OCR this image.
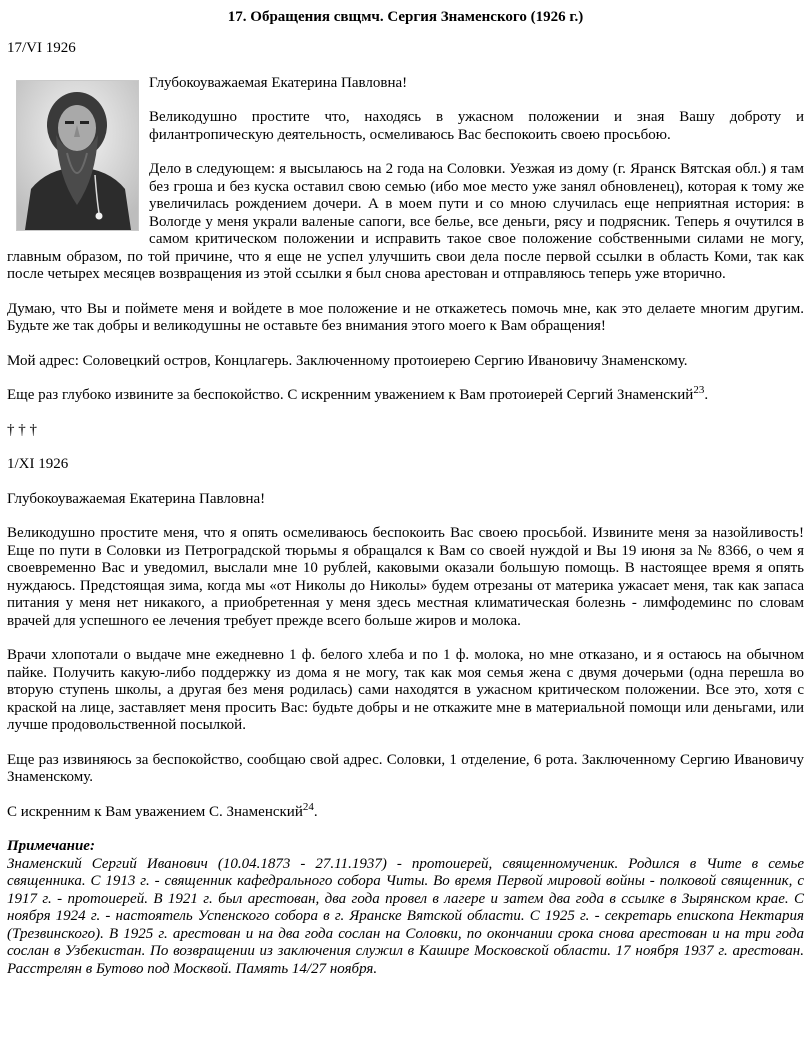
17. Обращения свщмч. Сергия Знаменского (1926 г.)

17/VI 1926

Глубокоуважаемая Екатерина Павловна!

Великодушно простите что, находясь в ужасном положении и зная Вашу доброту и филантропическую деятельность, осмеливаюсь Вас беспокоить своею просьбою.

Дело в следующем: я высылаюсь на 2 года на Соловки. Уезжая из дому (г. Яранск Вятская обл.) я там без гроша и без куска оставил свою семью (ибо мое место уже занял обновленец), которая к тому же увеличилась рождением дочери. А в моем пути и со мною случилась еще неприятная история: в Вологде у меня украли валеные сапоги, все белье, все деньги, рясу и подрясник. Теперь я очутился в самом критическом положении и исправить такое свое положение собственными силами не могу, главным образом, по той причине, что я еще не успел улучшить свои дела после первой ссылки в область Коми, так как после четырех месяцев возвращения из этой ссылки я был снова арестован и отправляюсь теперь уже вторично.

Думаю, что Вы и поймете меня и войдете в мое положение и не откажетесь помочь мне, как это делаете многим другим. Будьте же так добры и великодушны не оставьте без внимания этого моего к Вам обращения!

Мой адрес: Соловецкий остров, Концлагерь. Заключенному протоиерею Сергию Ивановичу Знаменскому.

Еще раз глубоко извините за беспокойство. С искренним уважением к Вам протоиерей Сергий Знаменский$^{23}$.

† † †

1/XI 1926

Глубокоуважаемая Екатерина Павловна!

Великодушно простите меня, что я опять осмеливаюсь беспокоить Вас своею просьбой. Извините меня за назойливость! Еще по пути в Соловки из Петроградской тюрьмы я обращался к Вам со своей нуждой и Вы 19 июня за № 8366, о чем я своевременно Вас и уведомил, выслали мне 10 рублей, каковыми оказали большую помощь. В настоящее время я опять нуждаюсь. Предстоящая зима, когда мы «от Николы до Николы» будем отрезаны от материка ужасает меня, так как запаса питания у меня нет никакого, а приобретенная у меня здесь местная климатическая болезнь - лимфодеминс по словам врачей для успешного ее лечения требует прежде всего больше жиров и молока.

Врачи хлопотали о выдаче мне ежедневно 1 ф. белого хлеба и по 1 ф. молока, но мне отказано, и я остаюсь на обычном пайке. Получить какую-либо поддержку из дома я не могу, так как моя семья жена с двумя дочерьми (одна перешла во вторую ступень школы, а другая без меня родилась) сами находятся в ужасном критическом положении. Все это, хотя с краской на лице, заставляет меня просить Вас: будьте добры и не откажите мне в материальной помощи или деньгами, или лучше продовольственной посылкой.

Еще раз извиняюсь за беспокойство, сообщаю свой адрес. Соловки, 1 отделение, 6 рота. Заключенному Сергию Ивановичу Знаменскому.

С искренним к Вам уважением С. Знаменский$^{24}$.

Примечание:

Знаменский Сергий Иванович (10.04.1873 - 27.11.1937) - протоиерей, священномученик. Родился в Чите в семье священника. С 1913 г. - священник кафедрального собора Читы. Во время Первой мировой войны - полковой священник, с 1917 г. - протоиерей. В 1921 г. был арестован, два года провел в лагере и затем два года в ссылке в Зырянском крае. С ноября 1924 г. - настоятель Успенского собора в г. Яранске Вятской области. С 1925 г. - секретарь епископа Нектария (Трезвинского). В 1925 г. арестован и на два года сослан на Соловки, по окончании срока снова арестован и на три года сослан в Узбекистан. По возвращении из заключения служил в Кашире Московской области. 17 ноября 1937 г. арестован. Расстрелян в Бутово под Москвой. Память 14/27 ноября.
